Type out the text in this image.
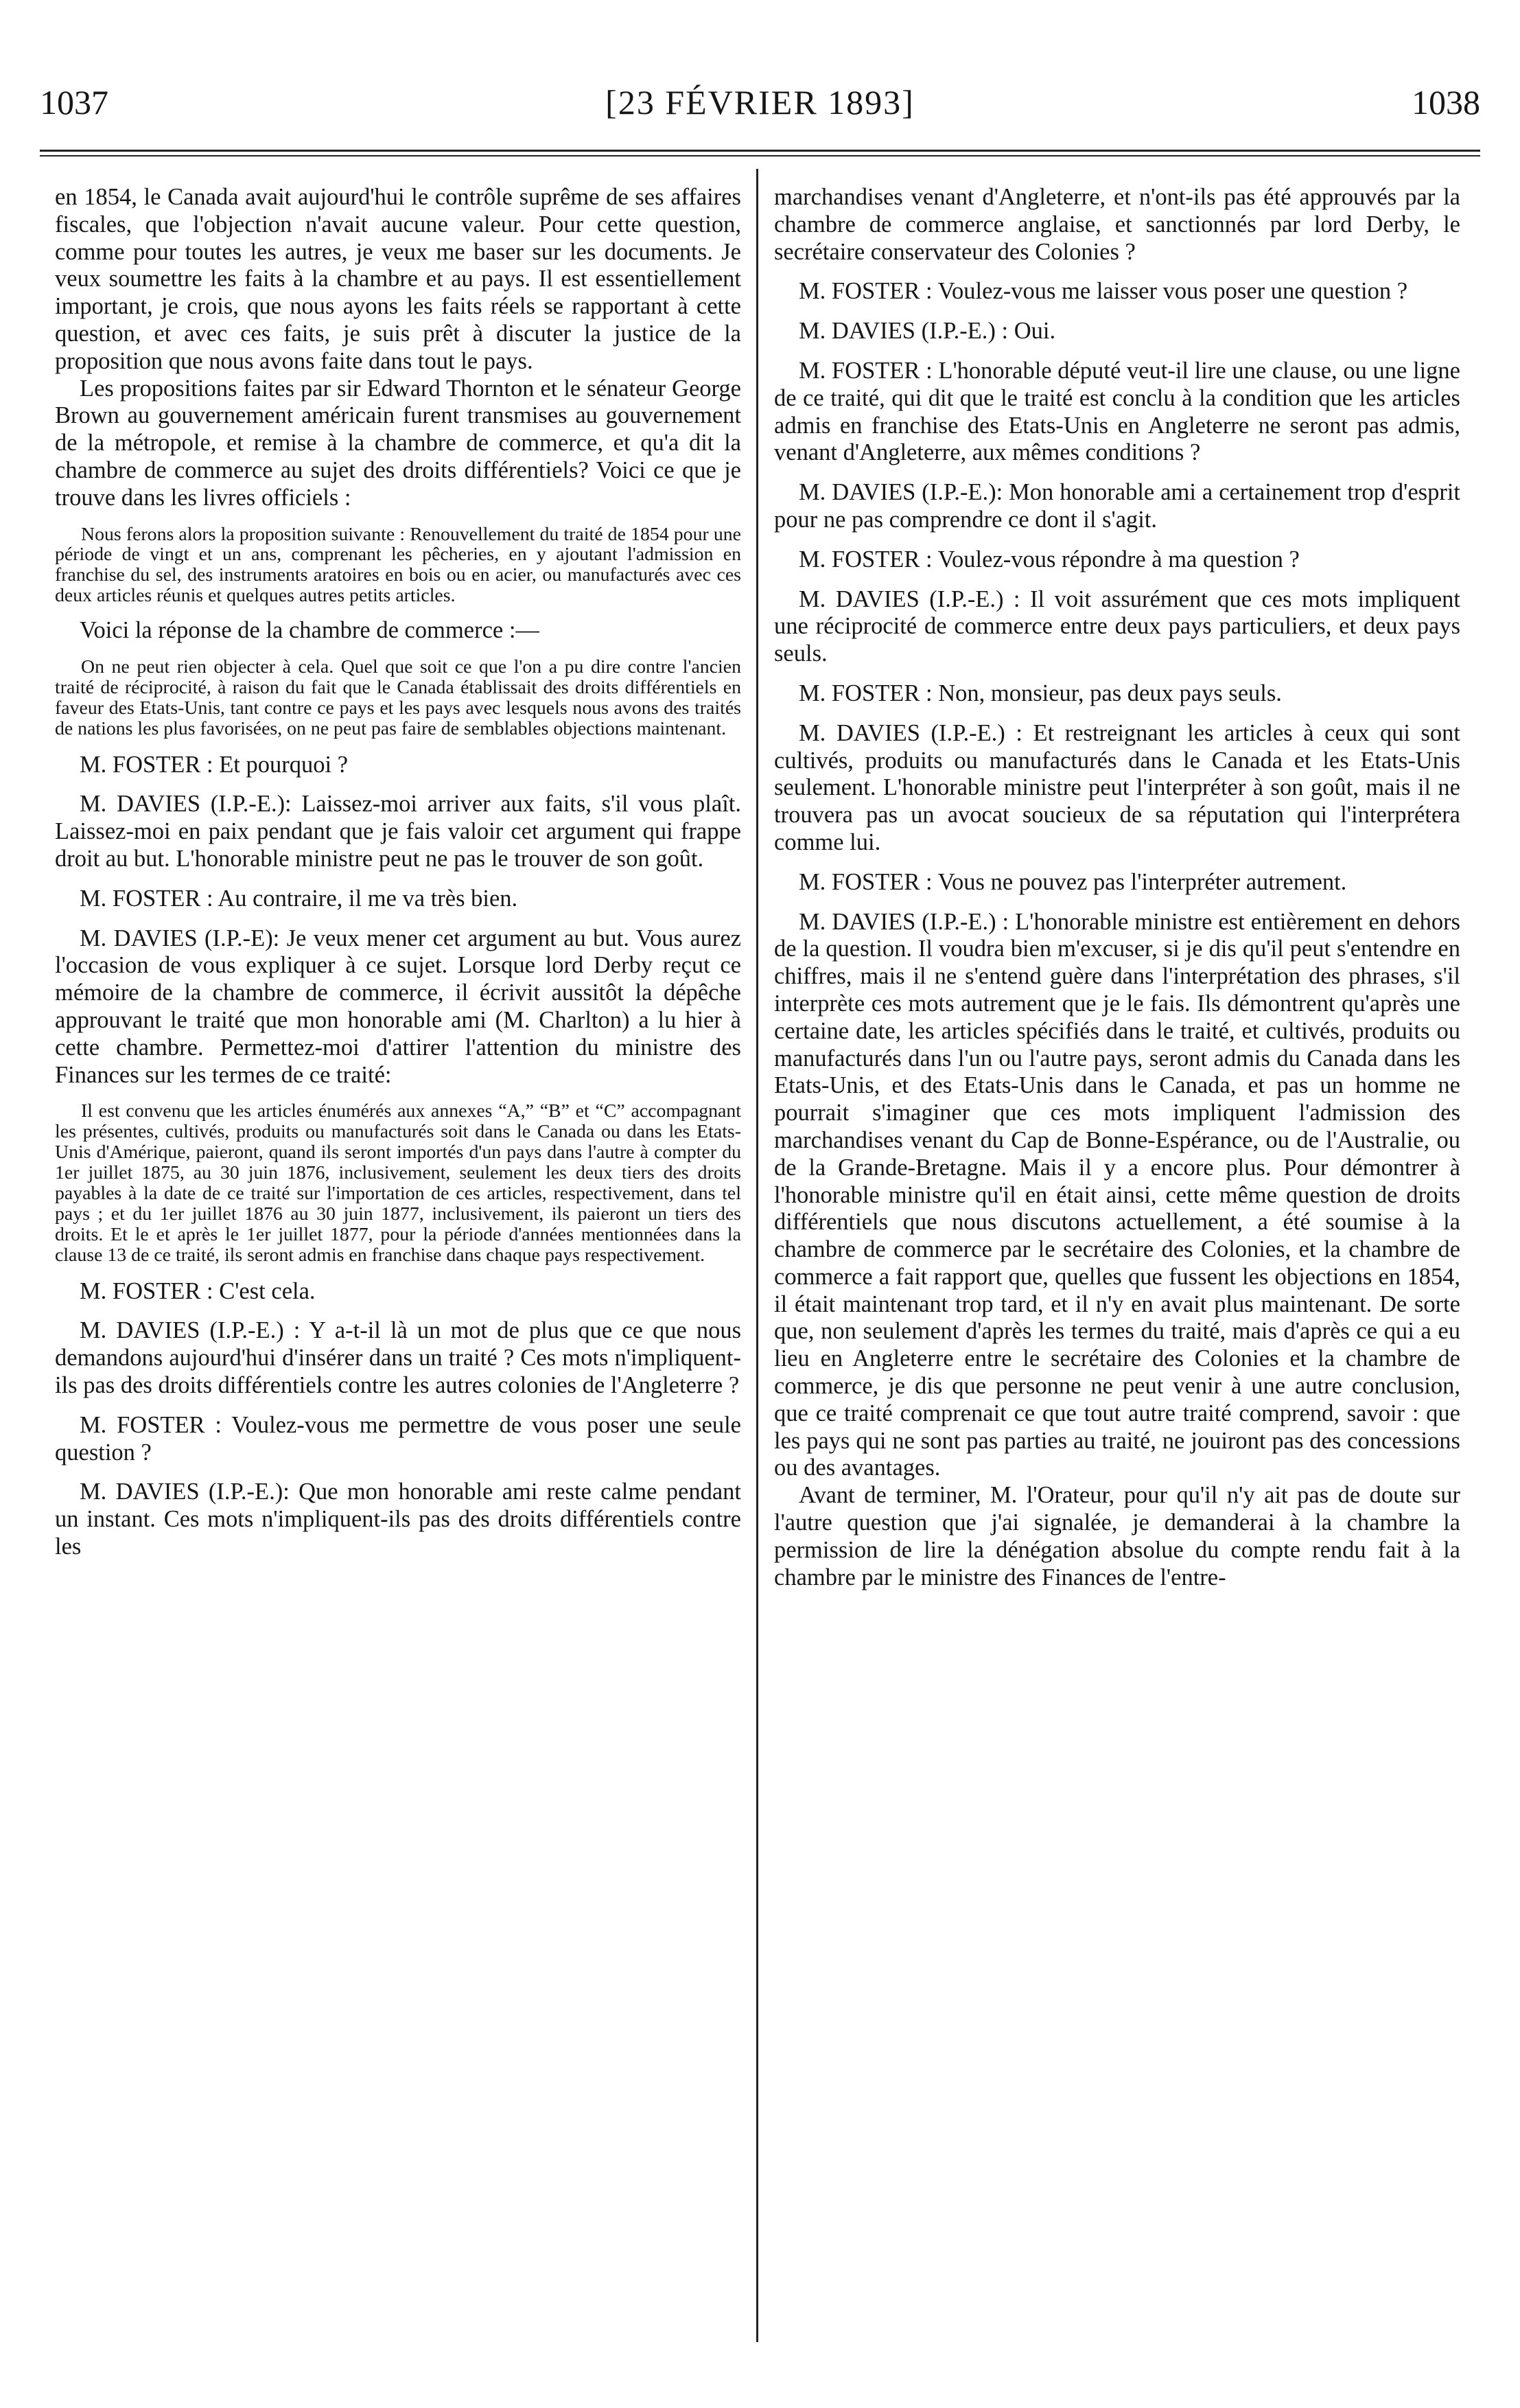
1037	[23 FÉVRIER 1893]	1038

en 1854, le Canada avait aujourd'hui le contrôle suprême de ses affaires fiscales, que l'objection n'avait aucune valeur. Pour cette question, comme pour toutes les autres, je veux me baser sur les documents. Je veux soumettre les faits à la chambre et au pays. Il est essentiellement important, je crois, que nous ayons les faits réels se rapportant à cette question, et avec ces faits, je suis prêt à discuter la justice de la proposition que nous avons faite dans tout le pays.

Les propositions faites par sir Edward Thornton et le sénateur George Brown au gouvernement américain furent transmises au gouvernement de la métropole, et remise à la chambre de commerce, et qu'a dit la chambre de commerce au sujet des droits différentiels? Voici ce que je trouve dans les livres officiels :

Nous ferons alors la proposition suivante : Renouvellement du traité de 1854 pour une période de vingt et un ans, comprenant les pêcheries, en y ajoutant l'admission en franchise du sel, des instruments aratoires en bois ou en acier, ou manufacturés avec ces deux articles réunis et quelques autres petits articles.

Voici la réponse de la chambre de commerce :—

On ne peut rien objecter à cela. Quel que soit ce que l'on a pu dire contre l'ancien traité de réciprocité, à raison du fait que le Canada établissait des droits différentiels en faveur des Etats-Unis, tant contre ce pays et les pays avec lesquels nous avons des traités de nations les plus favorisées, on ne peut pas faire de semblables objections maintenant.

M. FOSTER : Et pourquoi ?

M. DAVIES (I.P.-E.): Laissez-moi arriver aux faits, s'il vous plaît. Laissez-moi en paix pendant que je fais valoir cet argument qui frappe droit au but. L'honorable ministre peut ne pas le trouver de son goût.

M. FOSTER : Au contraire, il me va très bien.

M. DAVIES (I.P.-E): Je veux mener cet argument au but. Vous aurez l'occasion de vous expliquer à ce sujet. Lorsque lord Derby reçut ce mémoire de la chambre de commerce, il écrivit aussitôt la dépêche approuvant le traité que mon honorable ami (M. Charlton) a lu hier à cette chambre. Permettez-moi d'attirer l'attention du ministre des Finances sur les termes de ce traité:

Il est convenu que les articles énumérés aux annexes “A,” “B” et “C” accompagnant les présentes, cultivés, produits ou manufacturés soit dans le Canada ou dans les Etats-Unis d'Amérique, paieront, quand ils seront importés d'un pays dans l'autre à compter du 1er juillet 1875, au 30 juin 1876, inclusivement, seulement les deux tiers des droits payables à la date de ce traité sur l'importation de ces articles, respectivement, dans tel pays ; et du 1er juillet 1876 au 30 juin 1877, inclusivement, ils paieront un tiers des droits. Et le et après le 1er juillet 1877, pour la période d'années mentionnées dans la clause 13 de ce traité, ils seront admis en franchise dans chaque pays respectivement.

M. FOSTER : C'est cela.

M. DAVIES (I.P.-E.) : Y a-t-il là un mot de plus que ce que nous demandons aujourd'hui d'insérer dans un traité ? Ces mots n'impliquent-ils pas des droits différentiels contre les autres colonies de l'Angleterre ?

M. FOSTER : Voulez-vous me permettre de vous poser une seule question ?

M. DAVIES (I.P.-E.): Que mon honorable ami reste calme pendant un instant. Ces mots n'impliquent-ils pas des droits différentiels contre les

marchandises venant d'Angleterre, et n'ont-ils pas été approuvés par la chambre de commerce anglaise, et sanctionnés par lord Derby, le secrétaire conservateur des Colonies ?

M. FOSTER : Voulez-vous me laisser vous poser une question ?

M. DAVIES (I.P.-E.) : Oui.

M. FOSTER : L'honorable député veut-il lire une clause, ou une ligne de ce traité, qui dit que le traité est conclu à la condition que les articles admis en franchise des Etats-Unis en Angleterre ne seront pas admis, venant d'Angleterre, aux mêmes conditions ?

M. DAVIES (I.P.-E.): Mon honorable ami a certainement trop d'esprit pour ne pas comprendre ce dont il s'agit.

M. FOSTER : Voulez-vous répondre à ma question ?

M. DAVIES (I.P.-E.) : Il voit assurément que ces mots impliquent une réciprocité de commerce entre deux pays particuliers, et deux pays seuls.

M. FOSTER : Non, monsieur, pas deux pays seuls.

M. DAVIES (I.P.-E.) : Et restreignant les articles à ceux qui sont cultivés, produits ou manufacturés dans le Canada et les Etats-Unis seulement. L'honorable ministre peut l'interpréter à son goût, mais il ne trouvera pas un avocat soucieux de sa réputation qui l'interprétera comme lui.

M. FOSTER : Vous ne pouvez pas l'interpréter autrement.

M. DAVIES (I.P.-E.) : L'honorable ministre est entièrement en dehors de la question. Il voudra bien m'excuser, si je dis qu'il peut s'entendre en chiffres, mais il ne s'entend guère dans l'interprétation des phrases, s'il interprète ces mots autrement que je le fais. Ils démontrent qu'après une certaine date, les articles spécifiés dans le traité, et cultivés, produits ou manufacturés dans l'un ou l'autre pays, seront admis du Canada dans les Etats-Unis, et des Etats-Unis dans le Canada, et pas un homme ne pourrait s'imaginer que ces mots impliquent l'admission des marchandises venant du Cap de Bonne-Espérance, ou de l'Australie, ou de la Grande-Bretagne. Mais il y a encore plus. Pour démontrer à l'honorable ministre qu'il en était ainsi, cette même question de droits différentiels que nous discutons actuellement, a été soumise à la chambre de commerce par le secrétaire des Colonies, et la chambre de commerce a fait rapport que, quelles que fussent les objections en 1854, il était maintenant trop tard, et il n'y en avait plus maintenant. De sorte que, non seulement d'après les termes du traité, mais d'après ce qui a eu lieu en Angleterre entre le secrétaire des Colonies et la chambre de commerce, je dis que personne ne peut venir à une autre conclusion, que ce traité comprenait ce que tout autre traité comprend, savoir : que les pays qui ne sont pas parties au traité, ne jouiront pas des concessions ou des avantages.

Avant de terminer, M. l'Orateur, pour qu'il n'y ait pas de doute sur l'autre question que j'ai signalée, je demanderai à la chambre la permission de lire la dénégation absolue du compte rendu fait à la chambre par le ministre des Finances de l'entre-
